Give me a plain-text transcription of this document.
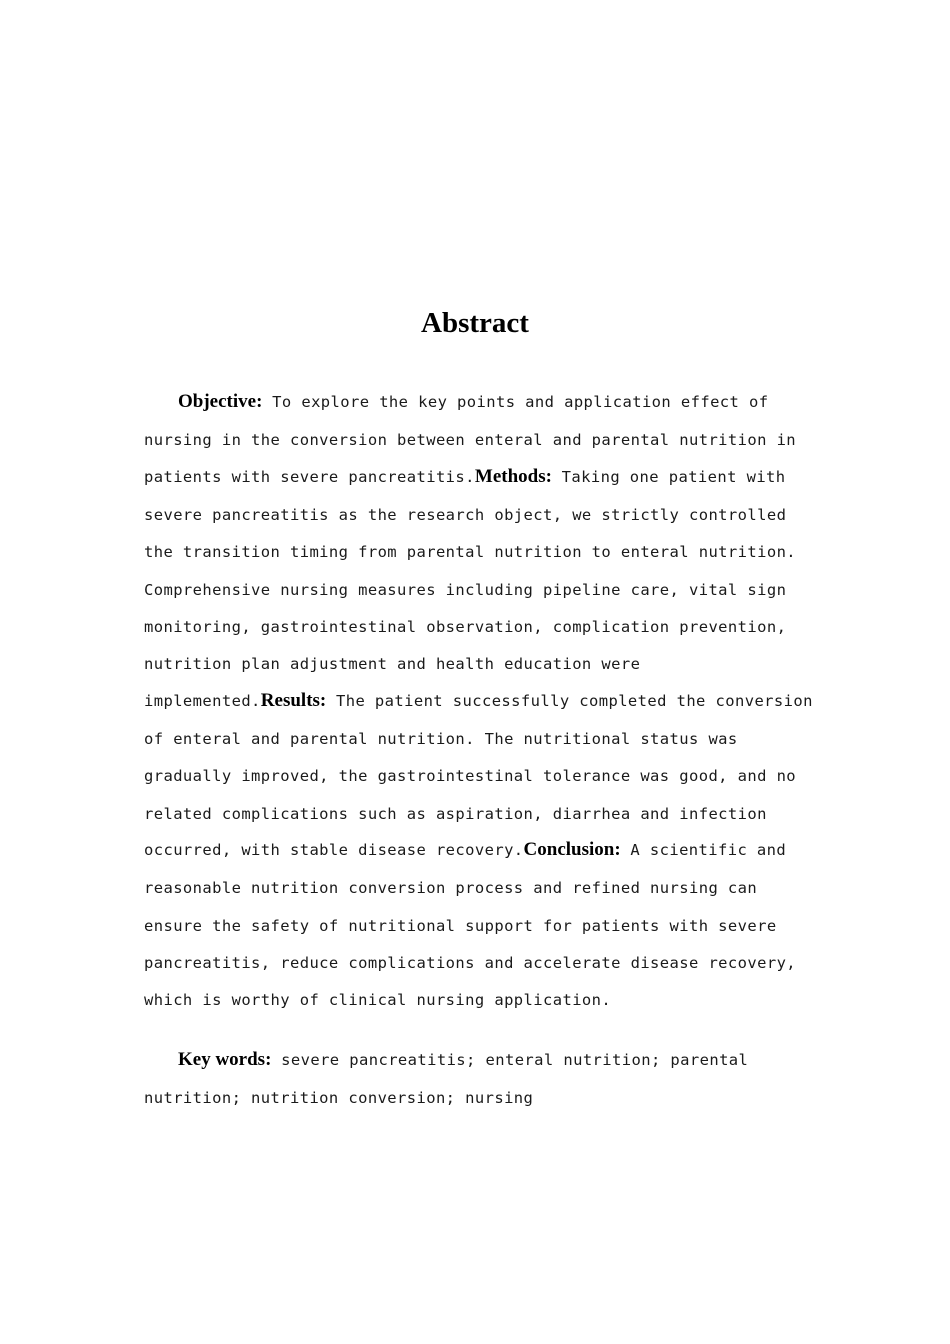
Abstract
Objective: To explore the key points and application effect of
nursing in the conversion between enteral and parental nutrition in
patients with severe pancreatitis.Methods: Taking one patient with
severe pancreatitis as the research object, we strictly controlled
the transition timing from parental nutrition to enteral nutrition.
Comprehensive nursing measures including pipeline care, vital sign
monitoring, gastrointestinal observation, complication prevention,
nutrition plan adjustment and health education were
implemented.Results: The patient successfully completed the conversion
of enteral and parental nutrition. The nutritional status was
gradually improved, the gastrointestinal tolerance was good, and no
related complications such as aspiration, diarrhea and infection
occurred, with stable disease recovery.Conclusion: A scientific and
reasonable nutrition conversion process and refined nursing can
ensure the safety of nutritional support for patients with severe
pancreatitis, reduce complications and accelerate disease recovery,
which is worthy of clinical nursing application.
Key words: severe pancreatitis; enteral nutrition; parental
nutrition; nutrition conversion; nursing
